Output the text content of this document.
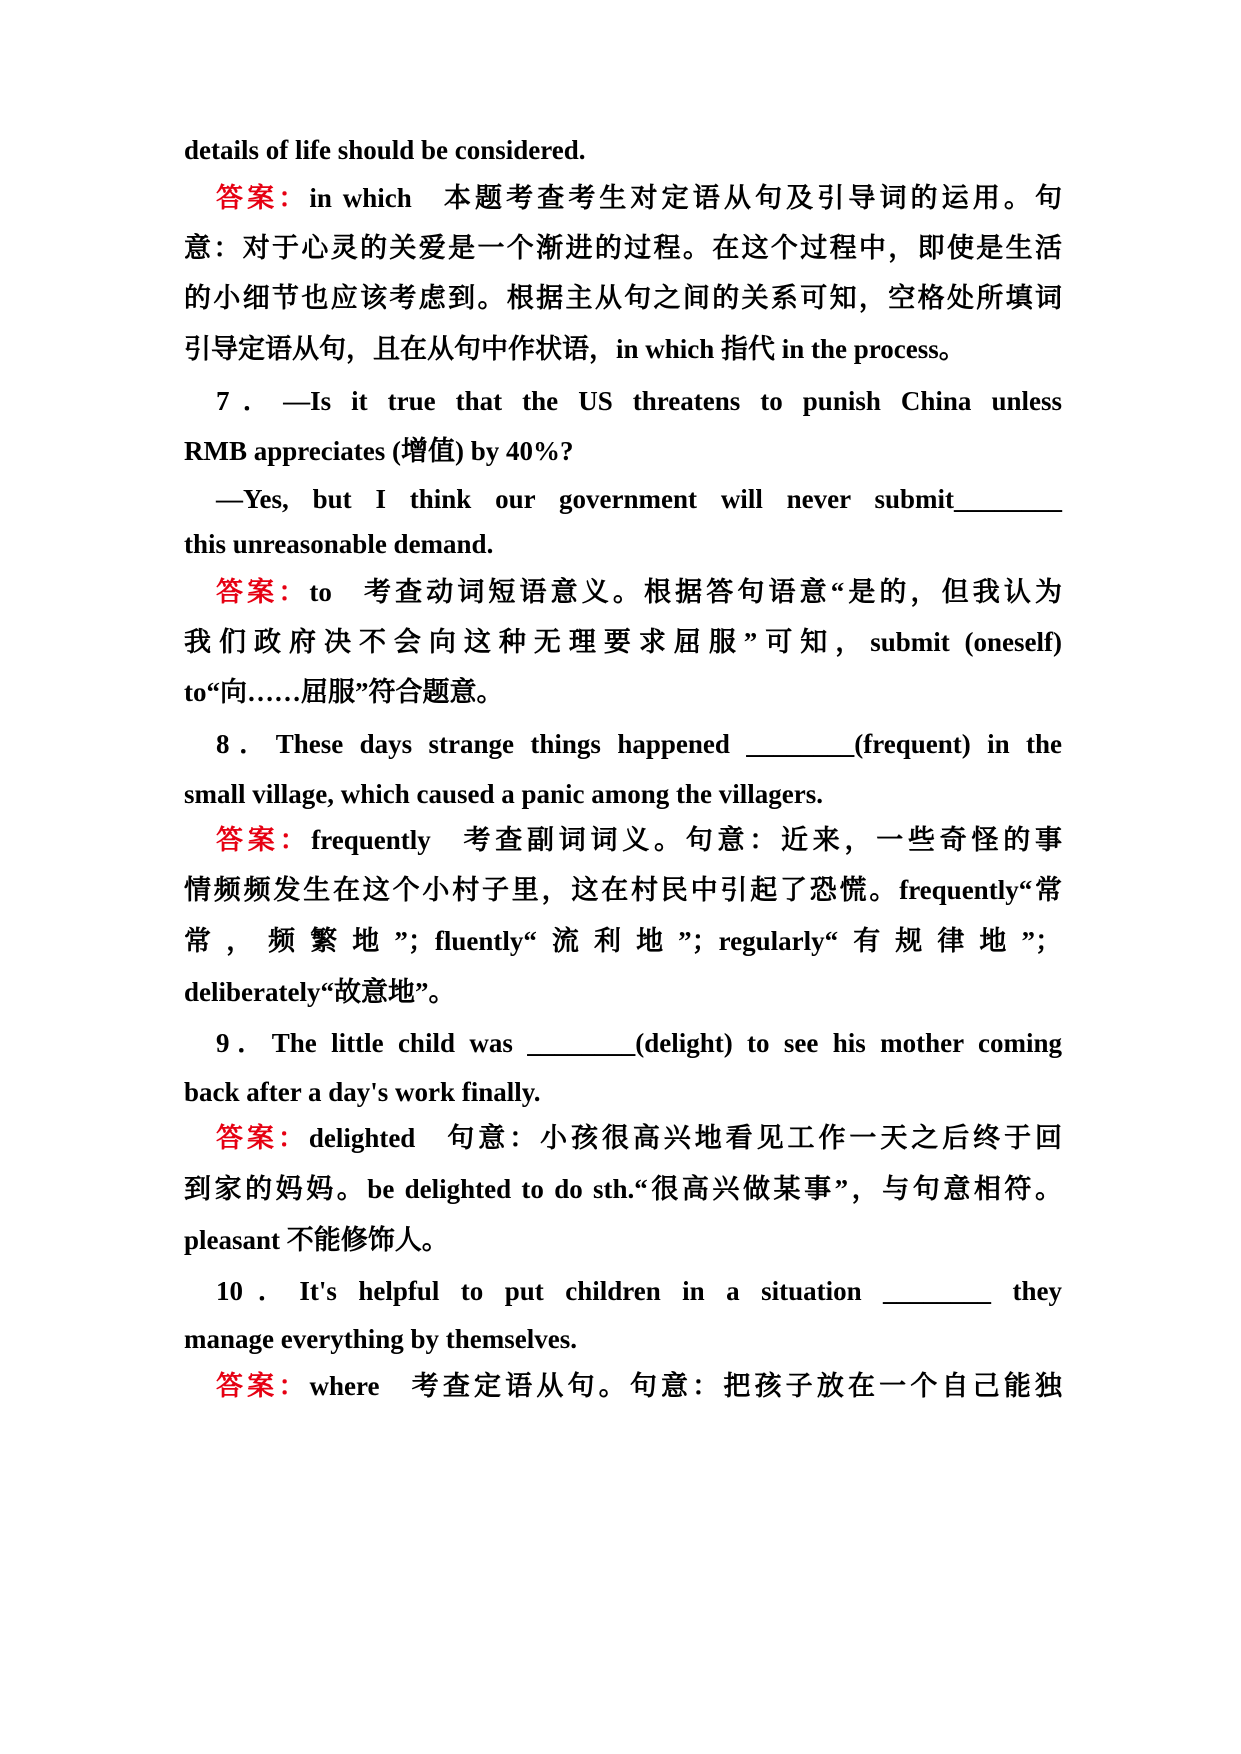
details of life should be considered.
答案：in which 本题考查考生对定语从句及引导词的运用。句
意：对于心灵的关爱是一个渐进的过程。在这个过程中，即使是生活
的小细节也应该考虑到。根据主从句之间的关系可知，空格处所填词
引导定语从句，且在从句中作状语，in which 指代 in the process。
7．—Is it true that the US threatens to punish China unless
RMB appreciates (增值) by 40%?
—Yes, but I think our government will never submit________
this unreasonable demand.
答案：to 考查动词短语意义。根据答句语意“是的，但我认为
我们政府决不会向这种无理要求屈服”可知，submit (oneself)
to“向……屈服”符合题意。
8．These days strange things happened ________(frequent) in the
small village, which caused a panic among the villagers.
答案：frequently 考查副词词义。句意：近来，一些奇怪的事
情频频发生在这个小村子里，这在村民中引起了恐慌。frequently“常
常，频繁地”；fluently“流利地”；regularly“有规律地”；
deliberately“故意地”。
9．The little child was ________(delight) to see his mother coming
back after a day's work finally.
答案：delighted 句意：小孩很高兴地看见工作一天之后终于回
到家的妈妈。be delighted to do sth.“很高兴做某事”，与句意相符。
pleasant 不能修饰人。
10．It's helpful to put children in a situation ________ they
manage everything by themselves.
答案：where 考查定语从句。句意：把孩子放在一个自己能独
